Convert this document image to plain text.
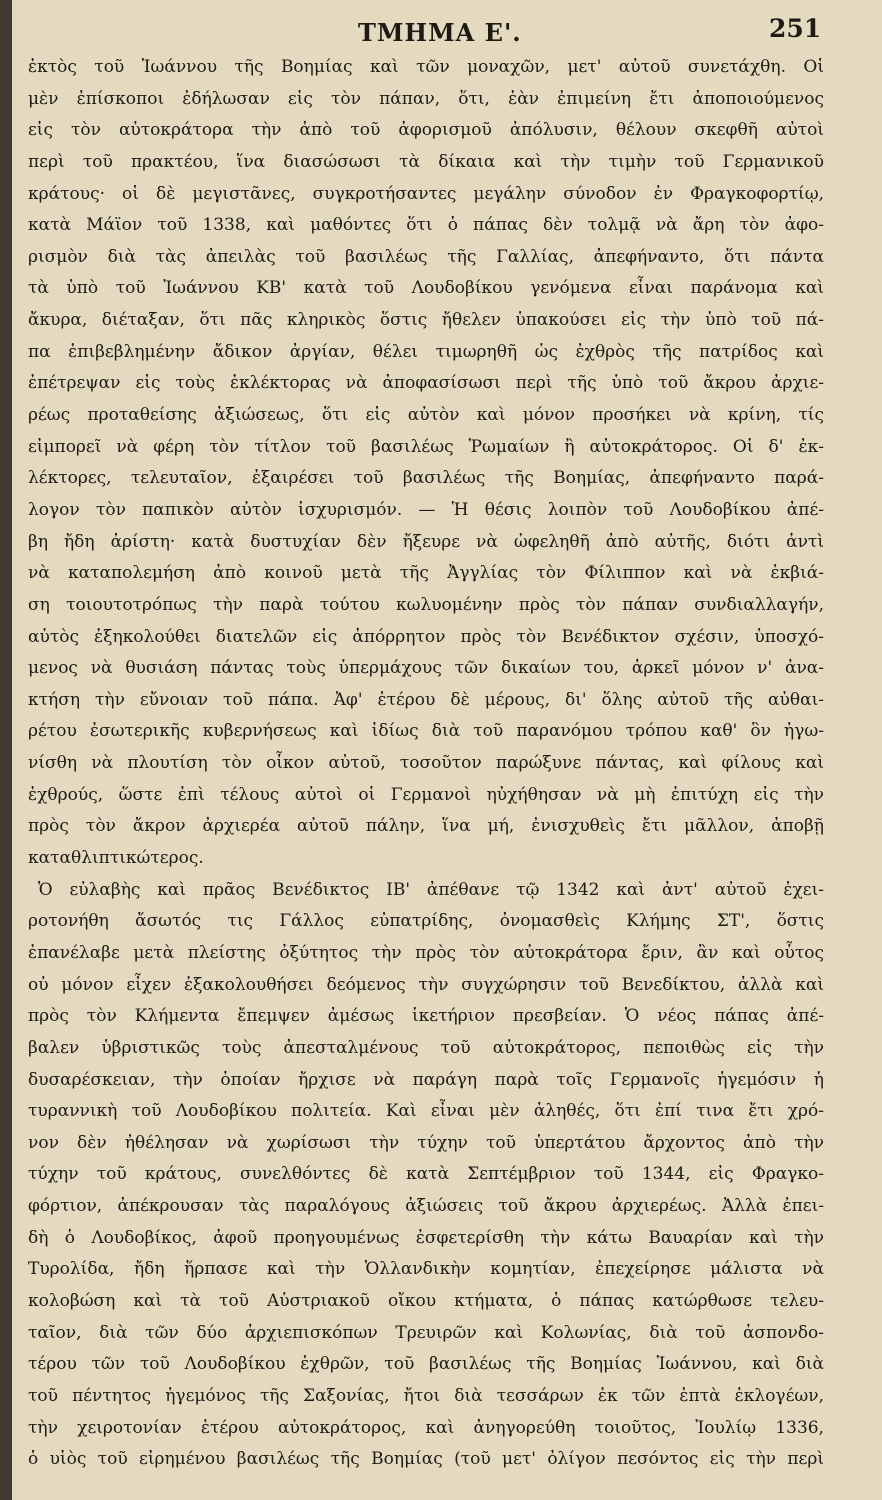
ΤΜΗΜΑ Ε'.	251
ἐκτὸς τοῦ Ἰωάννου τῆς Βοημίας καὶ τῶν μοναχῶν, μετ' αὐτοῦ συνετάχθη. Οἱ
μὲν ἐπίσκοποι ἐδήλωσαν εἰς τὸν πάπαν, ὅτι, ἐὰν ἐπιμείνη ἔτι ἀποποιούμενος
εἰς τὸν αὐτοκράτορα τὴν ἀπὸ τοῦ ἀφορισμοῦ ἀπόλυσιν, θέλουν σκεφθῆ αὐτοὶ
περὶ τοῦ πρακτέου, ἵνα διασώσωσι τὰ δίκαια καὶ τὴν τιμὴν τοῦ Γερμανικοῦ
κράτους· οἱ δὲ μεγιστᾶνες, συγκροτήσαντες μεγάλην σύνοδον ἐν Φραγκοφορτίῳ,
κατὰ Μάϊον τοῦ 1338, καὶ μαθόντες ὅτι ὁ πάπας δὲν τολμᾷ νὰ ἄρη τὸν ἀφο-
ρισμὸν διὰ τὰς ἀπειλὰς τοῦ βασιλέως τῆς Γαλλίας, ἀπεφήναντο, ὅτι πάντα
τὰ ὑπὸ τοῦ Ἰωάννου ΚΒ' κατὰ τοῦ Λουδοβίκου γενόμενα εἶναι παράνομα καὶ
ἄκυρα, διέταξαν, ὅτι πᾶς κληρικὸς ὅστις ἤθελεν ὑπακούσει εἰς τὴν ὑπὸ τοῦ πά-
πα ἐπιβεβλημένην ἄδικον ἀργίαν, θέλει τιμωρηθῆ ὡς ἐχθρὸς τῆς πατρίδος καὶ
ἐπέτρεψαν εἰς τοὺς ἐκλέκτορας νὰ ἀποφασίσωσι περὶ τῆς ὑπὸ τοῦ ἄκρου ἀρχιε-
ρέως προταθείσης ἀξιώσεως, ὅτι εἰς αὐτὸν καὶ μόνον προσήκει νὰ κρίνη, τίς
εἰμπορεῖ νὰ φέρη τὸν τίτλον τοῦ βασιλέως Ῥωμαίων ἢ αὐτοκράτορος. Οἱ δ' ἐκ-
λέκτορες, τελευταῖον, ἐξαιρέσει τοῦ βασιλέως τῆς Βοημίας, ἀπεφήναντο παρά-
λογον τὸν παπικὸν αὐτὸν ἰσχυρισμόν. — Ἡ θέσις λοιπὸν τοῦ Λουδοβίκου ἀπέ-
βη ἤδη ἀρίστη· κατὰ δυστυχίαν δὲν ἤξευρε νὰ ὠφεληθῆ ἀπὸ αὐτῆς, διότι ἀντὶ
νὰ καταπολεμήση ἀπὸ κοινοῦ μετὰ τῆς Ἀγγλίας τὸν Φίλιππον καὶ νὰ ἐκβιά-
ση τοιουτοτρόπως τὴν παρὰ τούτου κωλυομένην πρὸς τὸν πάπαν συνδιαλλαγήν,
αὐτὸς ἐξηκολούθει διατελῶν εἰς ἀπόρρητον πρὸς τὸν Βενέδικτον σχέσιν, ὑποσχό-
μενος νὰ θυσιάση πάντας τοὺς ὑπερμάχους τῶν δικαίων του, ἀρκεῖ μόνον ν' ἀνα-
κτήση τὴν εὔνοιαν τοῦ πάπα. Ἀφ' ἑτέρου δὲ μέρους, δι' ὅλης αὐτοῦ τῆς αὐθαι-
ρέτου ἐσωτερικῆς κυβερνήσεως καὶ ἰδίως διὰ τοῦ παρανόμου τρόπου καθ' ὃν ἠγω-
νίσθη νὰ πλουτίση τὸν οἶκον αὐτοῦ, τοσοῦτον παρώξυνε πάντας, καὶ φίλους καὶ
ἐχθρούς, ὥστε ἐπὶ τέλους αὐτοὶ οἱ Γερμανοὶ ηὐχήθησαν νὰ μὴ ἐπιτύχη εἰς τὴν
πρὸς τὸν ἄκρον ἀρχιερέα αὐτοῦ πάλην, ἵνα μή, ἐνισχυθεὶς ἔτι μᾶλλον, ἀποβῇ
καταθλιπτικώτερος.
Ὁ εὐλαβὴς καὶ πρᾶος Βενέδικτος ΙΒ' ἀπέθανε τῷ 1342 καὶ ἀντ' αὐτοῦ ἐχει-
ροτονήθη ἄσωτός τις Γάλλος εὐπατρίδης, ὀνομασθεὶς Κλήμης ΣΤ', ὅστις
ἐπανέλαβε μετὰ πλείστης ὀξύτητος τὴν πρὸς τὸν αὐτοκράτορα ἔριν, ἂν καὶ οὗτος
οὐ μόνον εἶχεν ἐξακολουθήσει δεόμενος τὴν συγχώρησιν τοῦ Βενεδίκτου, ἀλλὰ καὶ
πρὸς τὸν Κλήμεντα ἔπεμψεν ἀμέσως ἱκετήριον πρεσβείαν. Ὁ νέος πάπας ἀπέ-
βαλεν ὑβριστικῶς τοὺς ἀπεσταλμένους τοῦ αὐτοκράτορος, πεποιθὼς εἰς τὴν
δυσαρέσκειαν, τὴν ὁποίαν ἤρχισε νὰ παράγη παρὰ τοῖς Γερμανοῖς ἡγεμόσιν ἡ
τυραννικὴ τοῦ Λουδοβίκου πολιτεία. Καὶ εἶναι μὲν ἀληθές, ὅτι ἐπί τινα ἔτι χρό-
νον δὲν ἠθέλησαν νὰ χωρίσωσι τὴν τύχην τοῦ ὑπερτάτου ἄρχοντος ἀπὸ τὴν
τύχην τοῦ κράτους, συνελθόντες δὲ κατὰ Σεπτέμβριον τοῦ 1344, εἰς Φραγκο-
φόρτιον, ἀπέκρουσαν τὰς παραλόγους ἀξιώσεις τοῦ ἄκρου ἀρχιερέως. Ἀλλὰ ἐπει-
δὴ ὁ Λουδοβίκος, ἀφοῦ προηγουμένως ἐσφετερίσθη τὴν κάτω Βαυαρίαν καὶ τὴν
Τυρολίδα, ἤδη ἥρπασε καὶ τὴν Ὁλλανδικὴν κομητίαν, ἐπεχείρησε μάλιστα νὰ
κολοβώση καὶ τὰ τοῦ Αὐστριακοῦ οἴκου κτήματα, ὁ πάπας κατώρθωσε τελευ-
ταῖον, διὰ τῶν δύο ἀρχιεπισκόπων Τρευιρῶν καὶ Κολωνίας, διὰ τοῦ ἀσπονδο-
τέρου τῶν τοῦ Λουδοβίκου ἐχθρῶν, τοῦ βασιλέως τῆς Βοημίας Ἰωάννου, καὶ διὰ
τοῦ πέντητος ἡγεμόνος τῆς Σαξονίας, ἤτοι διὰ τεσσάρων ἐκ τῶν ἑπτὰ ἐκλογέων,
τὴν χειροτονίαν ἑτέρου αὐτοκράτορος, καὶ ἀνηγορεύθη τοιοῦτος, Ἰουλίῳ 1336,
ὁ υἱὸς τοῦ εἰρημένου βασιλέως τῆς Βοημίας (τοῦ μετ' ὀλίγον πεσόντος εἰς τὴν περὶ
